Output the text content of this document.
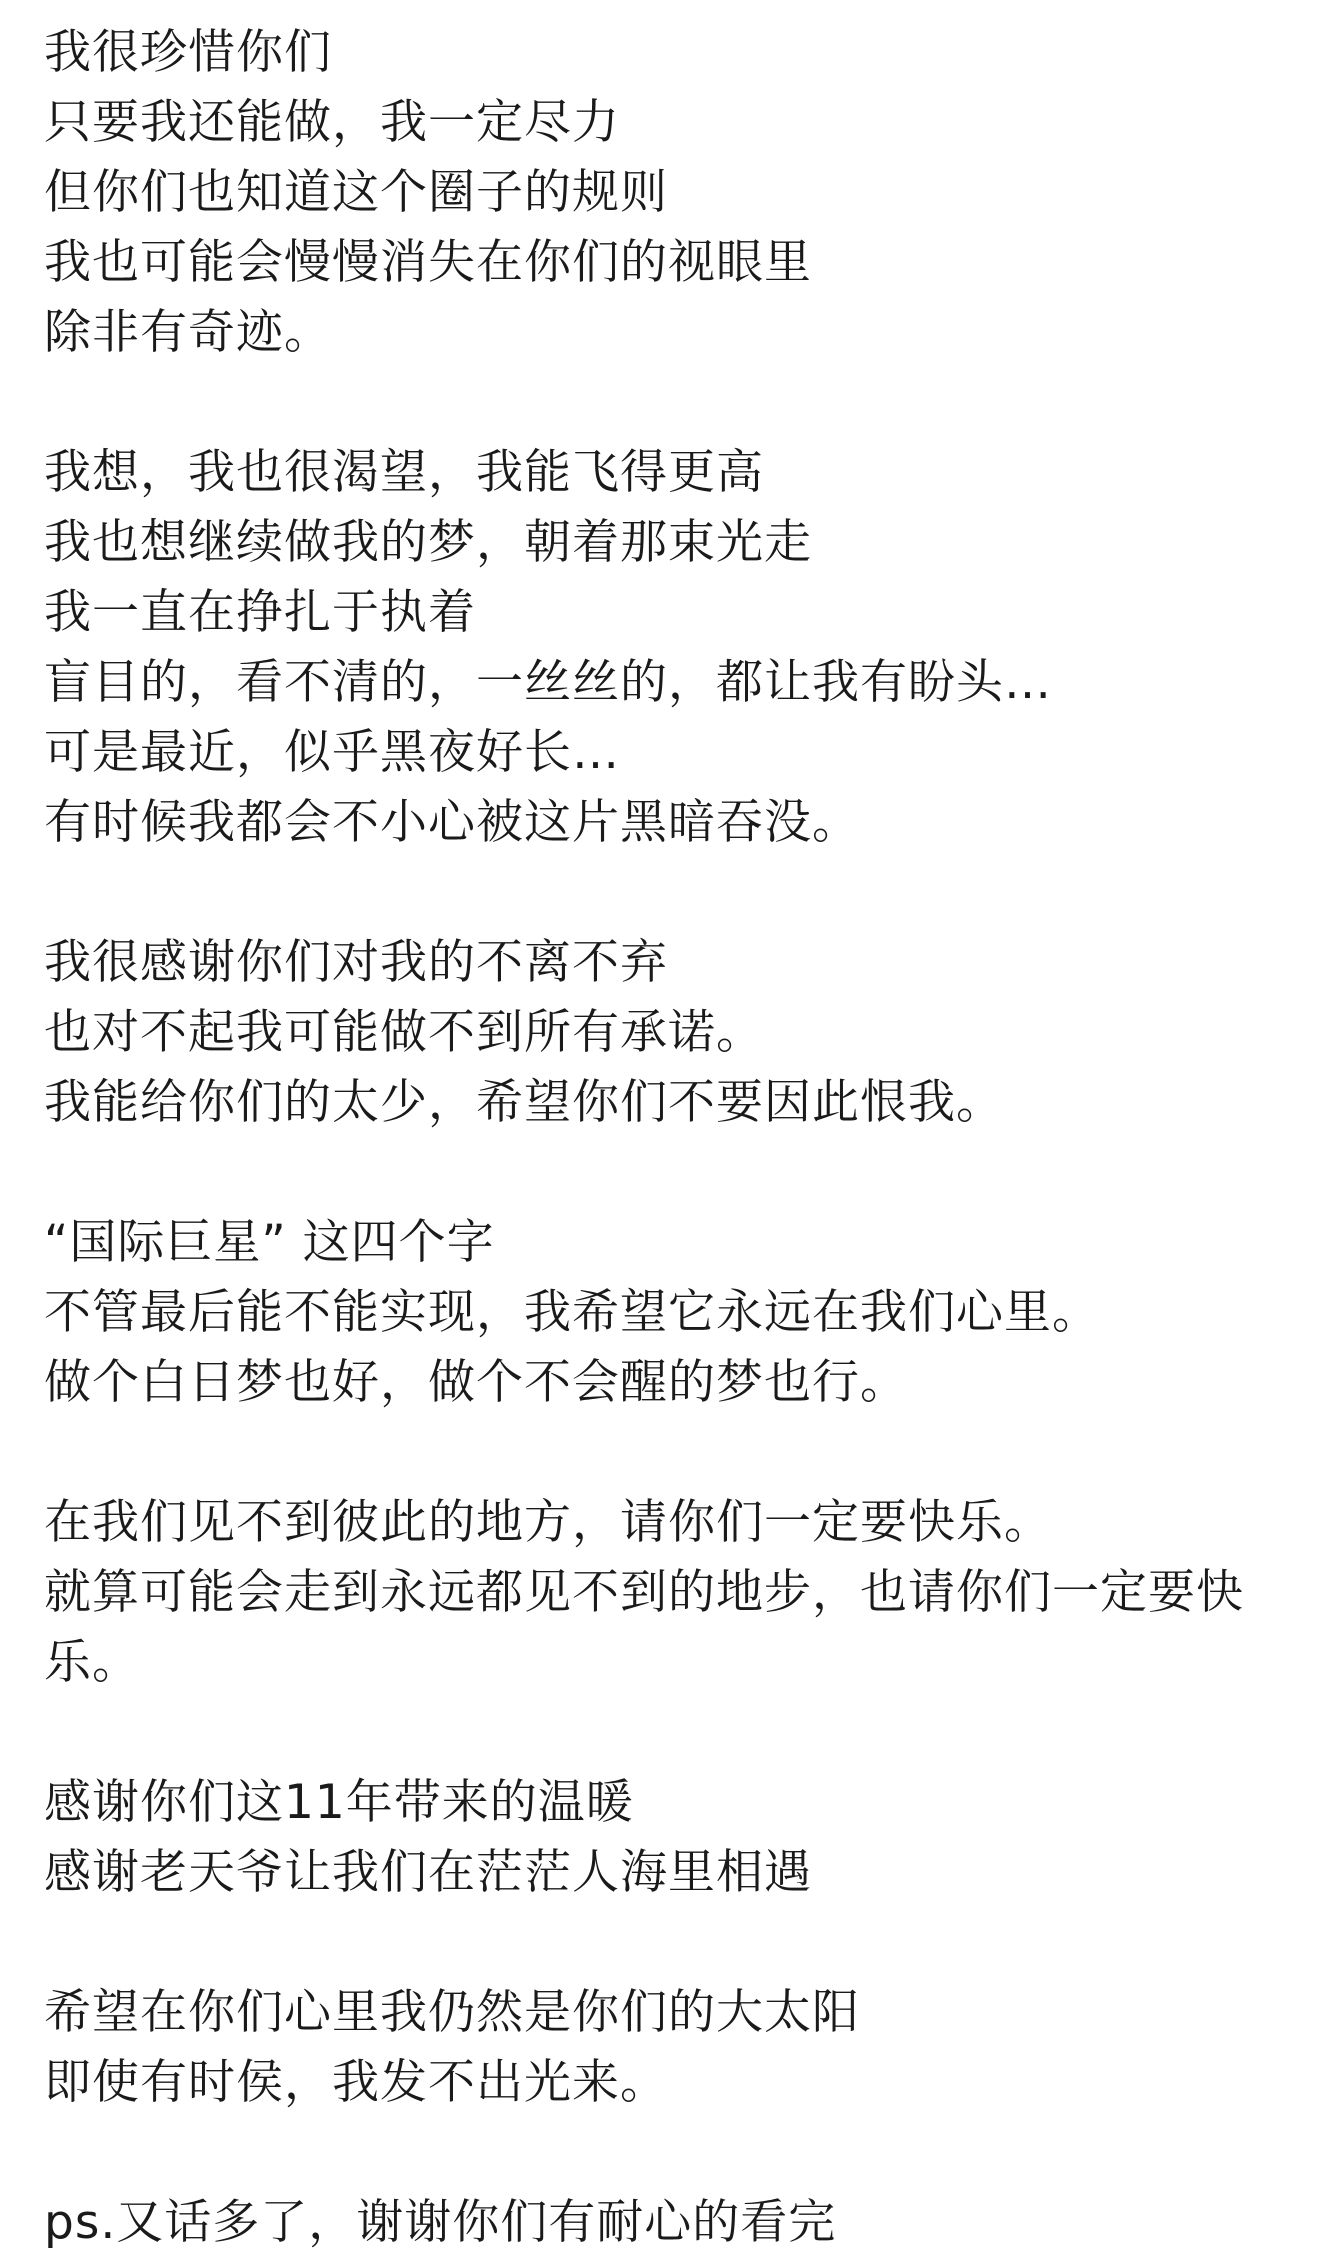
我很珍惜你们
只要我还能做，我一定尽力
但你们也知道这个圈子的规则
我也可能会慢慢消失在你们的视眼里
除非有奇迹。
我想，我也很渴望，我能飞得更高
我也想继续做我的梦，朝着那束光走
我一直在挣扎于执着
盲目的，看不清的，一丝丝的，都让我有盼头…
可是最近，似乎黑夜好长…
有时候我都会不小心被这片黑暗吞没。
我很感谢你们对我的不离不弃
也对不起我可能做不到所有承诺。
我能给你们的太少，希望你们不要因此恨我。
“国际巨星” 这四个字
不管最后能不能实现，我希望它永远在我们心里。
做个白日梦也好，做个不会醒的梦也行。
在我们见不到彼此的地方，请你们一定要快乐。
就算可能会走到永远都见不到的地步，也请你们一定要快乐。
感谢你们这11年带来的温暖
感谢老天爷让我们在茫茫人海里相遇
希望在你们心里我仍然是你们的大太阳
即使有时侯，我发不出光来。
ps.又话多了，谢谢你们有耐心的看完
